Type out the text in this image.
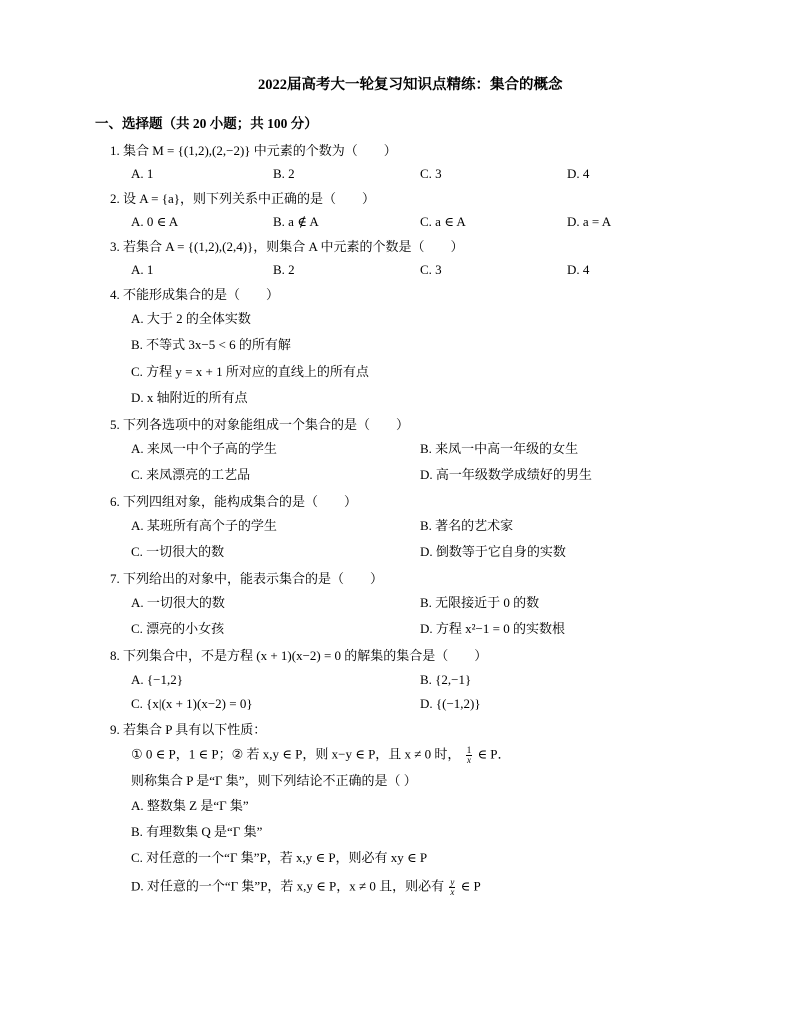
2022届高考大一轮复习知识点精练：集合的概念
一、选择题（共 20 小题；共 100 分）
1. 集合 M = {(1,2),(2,−2)} 中元素的个数为（　　）
A. 1	B. 2	C. 3	D. 4
2. 设 A = {a}，则下列关系中正确的是（　　）
A. 0 ∈ A	B. a ∉ A	C. a ∈ A	D. a = A
3. 若集合 A = {(1,2),(2,4)}，则集合 A 中元素的个数是（　　）
A. 1	B. 2	C. 3	D. 4
4. 不能形成集合的是（　　）
A. 大于 2 的全体实数
B. 不等式 3x−5 < 6 的所有解
C. 方程 y = x + 1 所对应的直线上的所有点
D. x 轴附近的所有点
5. 下列各选项中的对象能组成一个集合的是（　　）
A. 来凤一中个子高的学生	B. 来凤一中高一年级的女生
C. 来凤漂亮的工艺品	D. 高一年级数学成绩好的男生
6. 下列四组对象，能构成集合的是（　　）
A. 某班所有高个子的学生	B. 著名的艺术家
C. 一切很大的数	D. 倒数等于它自身的实数
7. 下列给出的对象中，能表示集合的是（　　）
A. 一切很大的数	B. 无限接近于 0 的数
C. 漂亮的小女孩	D. 方程 x²−1 = 0 的实数根
8. 下列集合中，不是方程 (x + 1)(x−2) = 0 的解集的集合是（　　）
A. {−1,2}	B. {2,−1}
C. {x|(x + 1)(x−2) = 0}	D. {(−1,2)}
9. 若集合 P 具有以下性质：
① 0 ∈ P，1 ∈ P；② 若 x,y ∈ P，则 x−y ∈ P，且 x ≠ 0 时， $\frac{1}{x}$ ∈ P．
则称集合 P 是“Γ 集”，则下列结论不正确的是（ ）
A. 整数集 Z 是“Γ 集”
B. 有理数集 Q 是“Γ 集”
C. 对任意的一个“Γ 集”P，若 x,y ∈ P，则必有 xy ∈ P
D. 对任意的一个“Γ 集”P，若 x,y ∈ P，x ≠ 0 且，则必有 $\frac{y}{x}$ ∈ P
